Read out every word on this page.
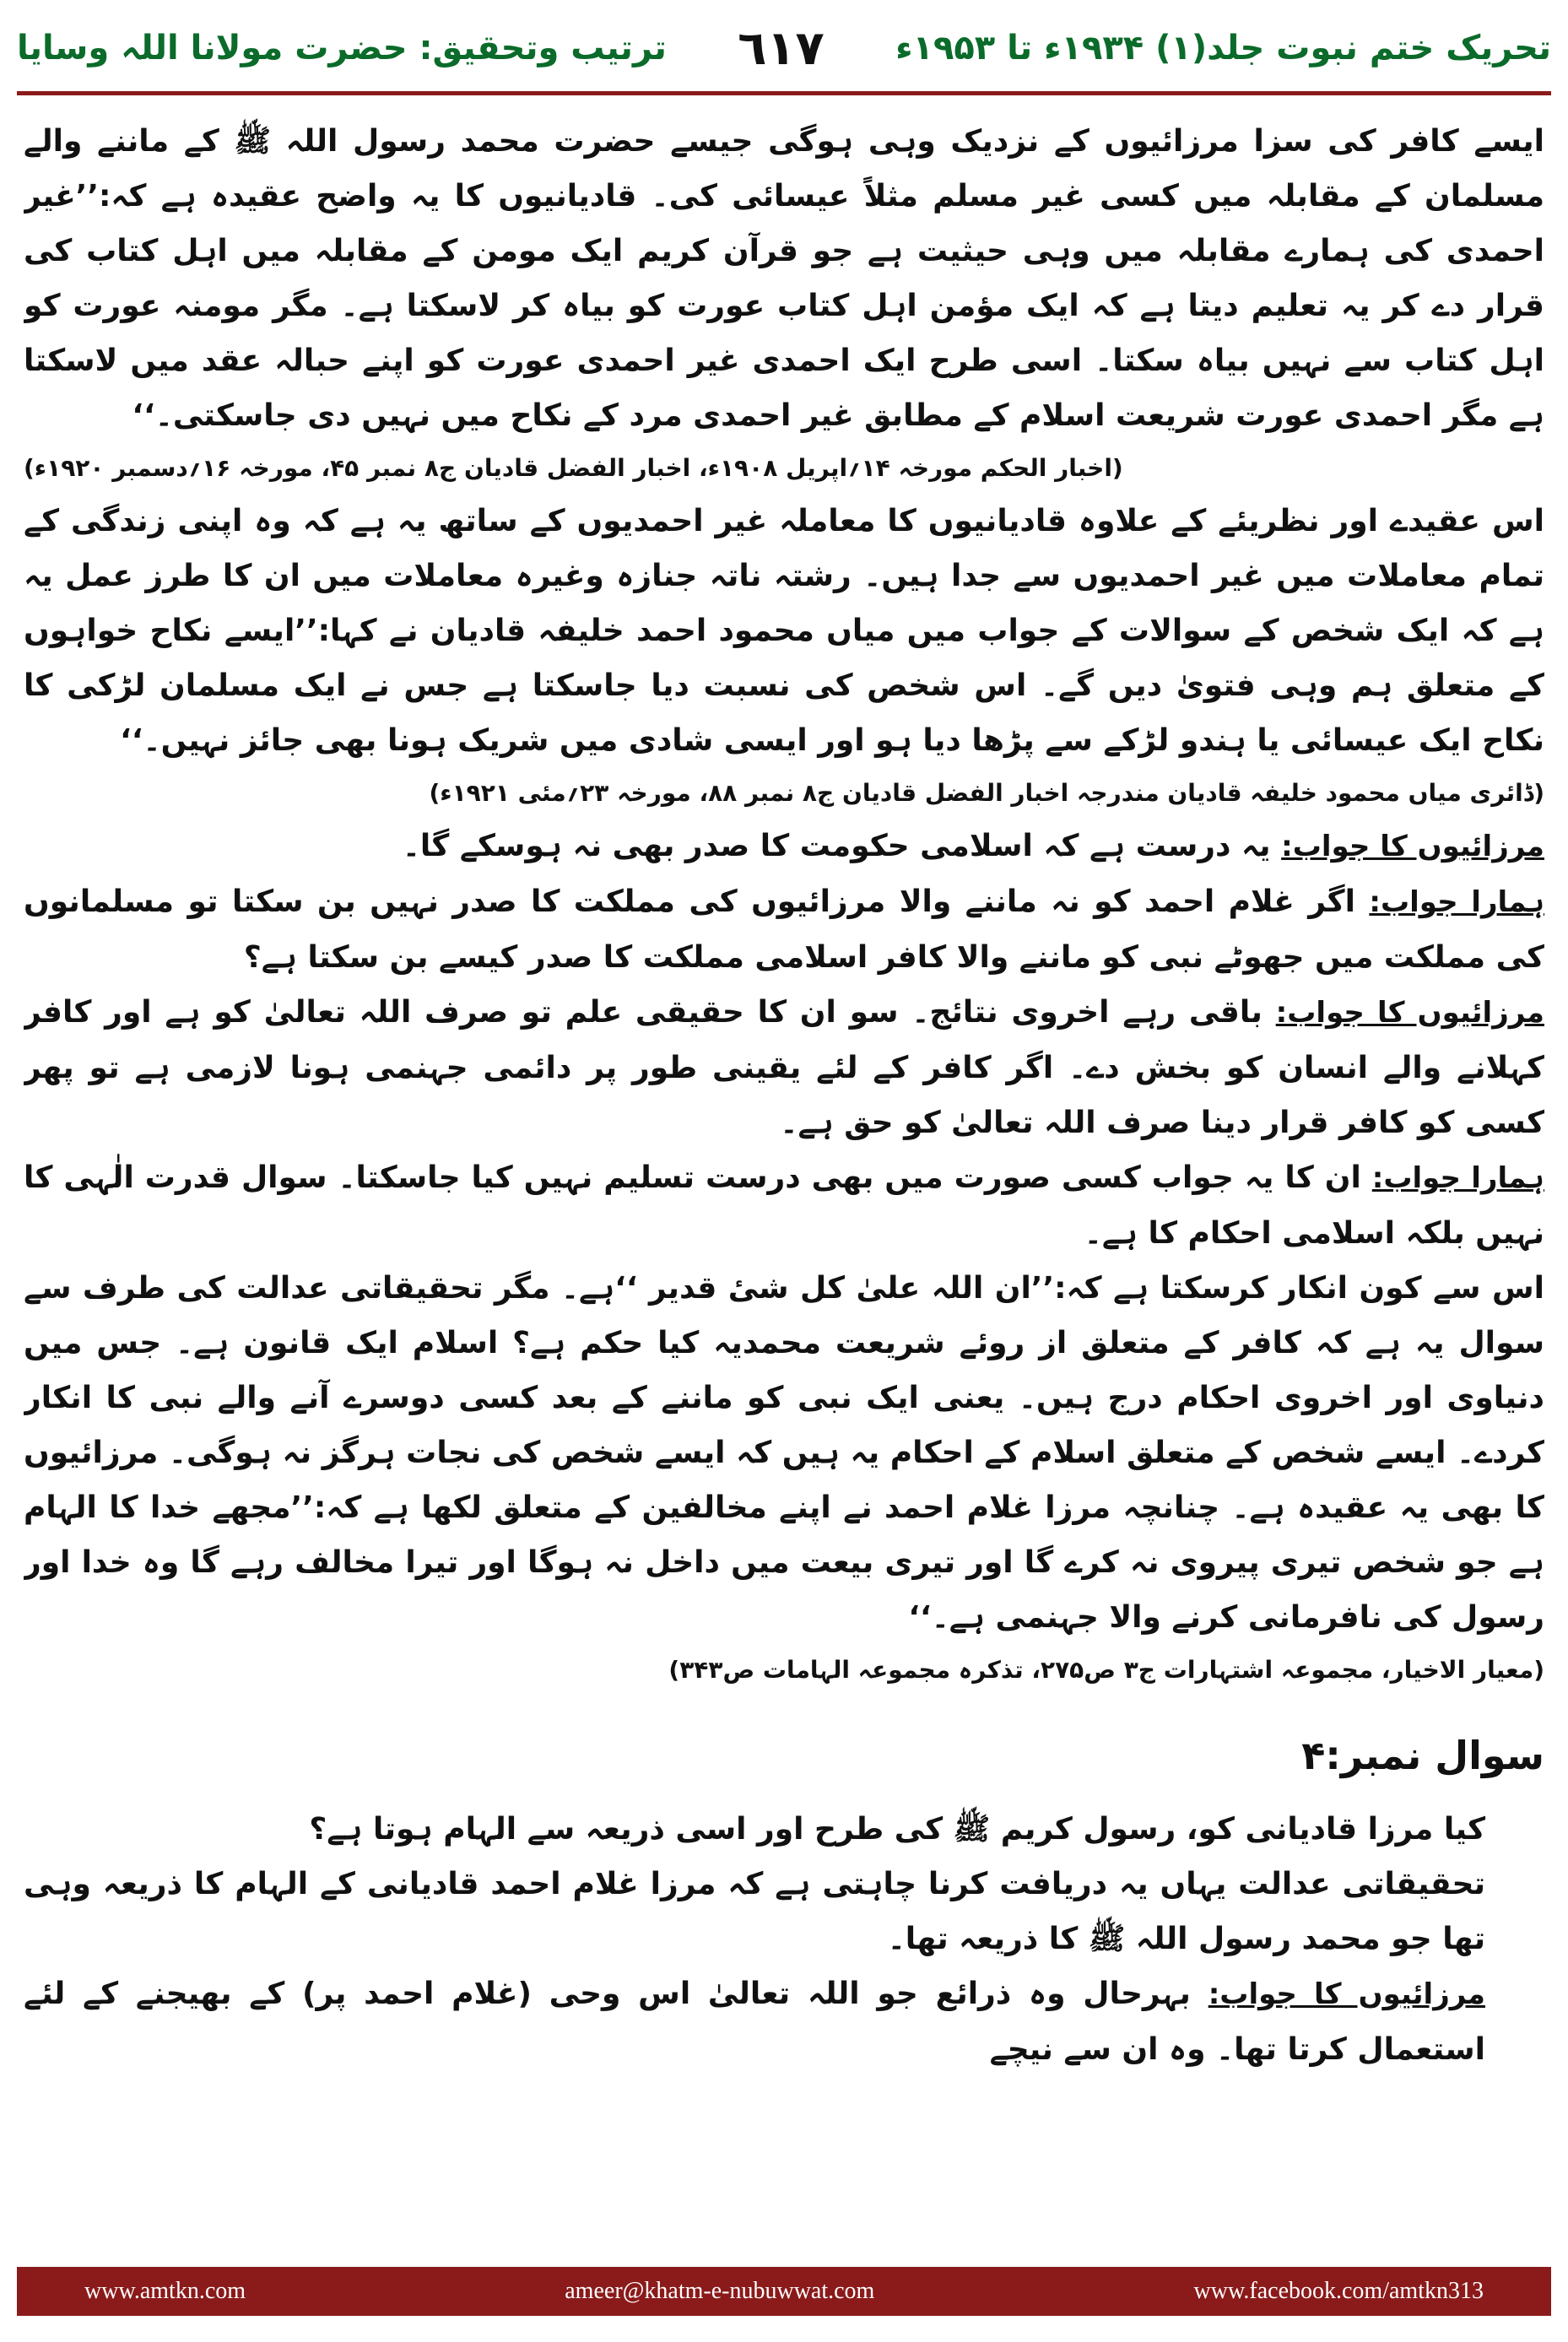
ترتیب وتحقیق: حضرت مولانا اللہ وسایا ٦١٧ تحریک ختم نبوت جلد(۱) ۱۹۳۴ء تا ۱۹۵۳ء

ایسے کافر کی سزا مرزائیوں کے نزدیک وہی ہوگی جیسے حضرت محمد رسول اللہ ﷺ کے ماننے والے مسلمان کے مقابلہ میں کسی غیر مسلم مثلاً عیسائی کی۔ قادیانیوں کا یہ واضح عقیدہ ہے کہ:’’غیر احمدی کی ہمارے مقابلہ میں وہی حیثیت ہے جو قرآن کریم ایک مومن کے مقابلہ میں اہل کتاب کی قرار دے کر یہ تعلیم دیتا ہے کہ ایک مؤمن اہل کتاب عورت کو بیاہ کر لاسکتا ہے۔ مگر مومنہ عورت کو اہل کتاب سے نہیں بیاہ سکتا۔ اسی طرح ایک احمدی غیر احمدی عورت کو اپنے حبالہ عقد میں لاسکتا ہے مگر احمدی عورت شریعت اسلام کے مطابق غیر احمدی مرد کے نکاح میں نہیں دی جاسکتی۔‘‘

(اخبار الحکم مورخہ ۱۴؍اپریل ۱۹۰۸ء، اخبار الفضل قادیان ج۸ نمبر ۴۵، مورخہ ۱۶؍دسمبر ۱۹۲۰ء)

اس عقیدے اور نظریئے کے علاوہ قادیانیوں کا معاملہ غیر احمدیوں کے ساتھ یہ ہے کہ وہ اپنی زندگی کے تمام معاملات میں غیر احمدیوں سے جدا ہیں۔ رشتہ ناتہ جنازہ وغیرہ معاملات میں ان کا طرز عمل یہ ہے کہ ایک شخص کے سوالات کے جواب میں میاں محمود احمد خلیفہ قادیان نے کہا:’’ایسے نکاح خواہوں کے متعلق ہم وہی فتویٰ دیں گے۔ اس شخص کی نسبت دیا جاسکتا ہے جس نے ایک مسلمان لڑکی کا نکاح ایک عیسائی یا ہندو لڑکے سے پڑھا دیا ہو اور ایسی شادی میں شریک ہونا بھی جائز نہیں۔‘‘

(ڈائری میاں محمود خلیفہ قادیان مندرجہ اخبار الفضل قادیان ج۸ نمبر ۸۸، مورخہ ۲۳؍مئی ۱۹۲۱ء)

مرزائیوں کا جواب: یہ درست ہے کہ اسلامی حکومت کا صدر بھی نہ ہوسکے گا۔

ہمارا جواب: اگر غلام احمد کو نہ ماننے والا مرزائیوں کی مملکت کا صدر نہیں بن سکتا تو مسلمانوں کی مملکت میں جھوٹے نبی کو ماننے والا کافر اسلامی مملکت کا صدر کیسے بن سکتا ہے؟

مرزائیوں کا جواب: باقی رہے اخروی نتائج۔ سو ان کا حقیقی علم تو صرف اللہ تعالیٰ کو ہے اور کافر کہلانے والے انسان کو بخش دے۔ اگر کافر کے لئے یقینی طور پر دائمی جہنمی ہونا لازمی ہے تو پھر کسی کو کافر قرار دینا صرف اللہ تعالیٰ کو حق ہے۔

ہمارا جواب: ان کا یہ جواب کسی صورت میں بھی درست تسلیم نہیں کیا جاسکتا۔ سوال قدرت الٰہی کا نہیں بلکہ اسلامی احکام کا ہے۔

اس سے کون انکار کرسکتا ہے کہ:’’ان اللہ علیٰ کل شیٔ قدیر ‘‘ہے۔ مگر تحقیقاتی عدالت کی طرف سے سوال یہ ہے کہ کافر کے متعلق از روئے شریعت محمدیہ کیا حکم ہے؟ اسلام ایک قانون ہے۔ جس میں دنیاوی اور اخروی احکام درج ہیں۔ یعنی ایک نبی کو ماننے کے بعد کسی دوسرے آنے والے نبی کا انکار کردے۔ ایسے شخص کے متعلق اسلام کے احکام یہ ہیں کہ ایسے شخص کی نجات ہرگز نہ ہوگی۔ مرزائیوں کا بھی یہ عقیدہ ہے۔ چنانچہ مرزا غلام احمد نے اپنے مخالفین کے متعلق لکھا ہے کہ:’’مجھے خدا کا الہام ہے جو شخص تیری پیروی نہ کرے گا اور تیری بیعت میں داخل نہ ہوگا اور تیرا مخالف رہے گا وہ خدا اور رسول کی نافرمانی کرنے والا جہنمی ہے۔‘‘

(معیار الاخیار، مجموعہ اشتہارات ج۳ ص۲۷۵، تذکرہ مجموعہ الہامات ص۳۴۳)

سوال نمبر:۴

کیا مرزا قادیانی کو، رسول کریم ﷺ کی طرح اور اسی ذریعہ سے الہام ہوتا ہے؟

تحقیقاتی عدالت یہاں یہ دریافت کرنا چاہتی ہے کہ مرزا غلام احمد قادیانی کے الہام کا ذریعہ وہی تھا جو محمد رسول اللہ ﷺ کا ذریعہ تھا۔

مرزائیوں کا جواب: بہرحال وہ ذرائع جو اللہ تعالیٰ اس وحی (غلام احمد پر) کے بھیجنے کے لئے استعمال کرتا تھا۔ وہ ان سے نیچے

www.amtkn.com	ameer@khatm-e-nubuwwat.com	www.facebook.com/amtkn313
